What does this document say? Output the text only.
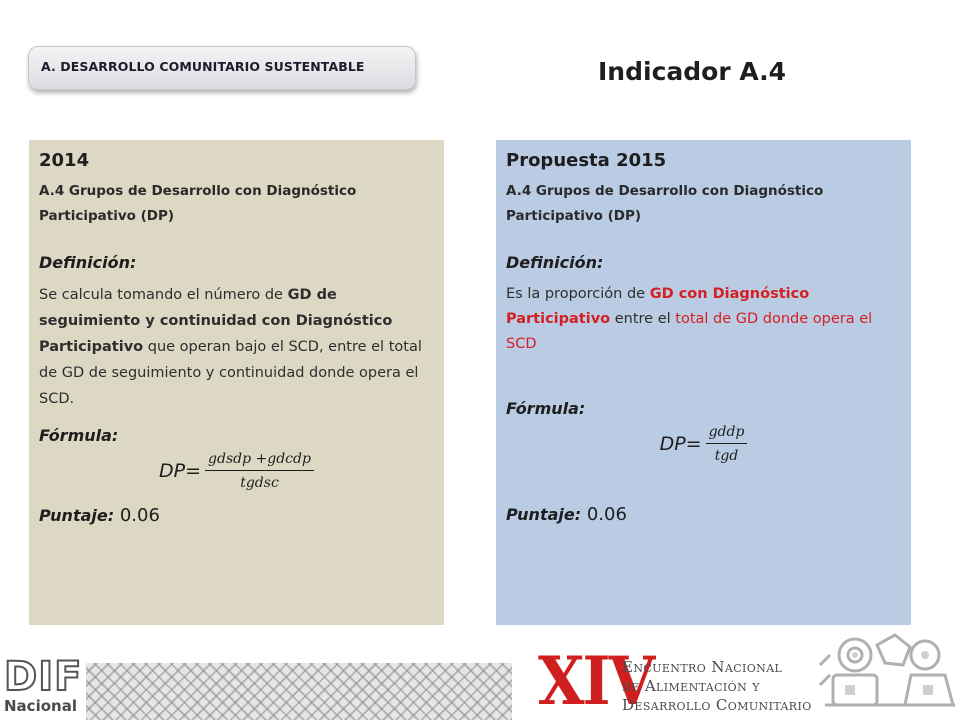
A. DESARROLLO COMUNITARIO SUSTENTABLE	Indicador A.4

2014

A.4 Grupos de Desarrollo con Diagnóstico Participativo (DP)

Definición:

Se calcula tomando el número de GD de seguimiento y continuidad con Diagnóstico Participativo que operan bajo el SCD, entre el total de GD de seguimiento y continuidad donde opera el SCD.

Fórmula:

$DP= \frac{\text{gdsdp +gdcdp}}{\text{tgdsc}}$
Puntaje: 0.06

Propuesta 2015

A.4 Grupos de Desarrollo con Diagnóstico Participativo (DP)

Definición:

Es la proporción de GD con Diagnóstico Participativo entre el total de GD donde opera el SCD

Fórmula:

$DP= \frac{\text{gddp}}{\text{tgd}}$
Puntaje: 0.06
DIF
Nacional	XIV
Encuentro Nacional
de Alimentación y
Desarrollo Comunitario
